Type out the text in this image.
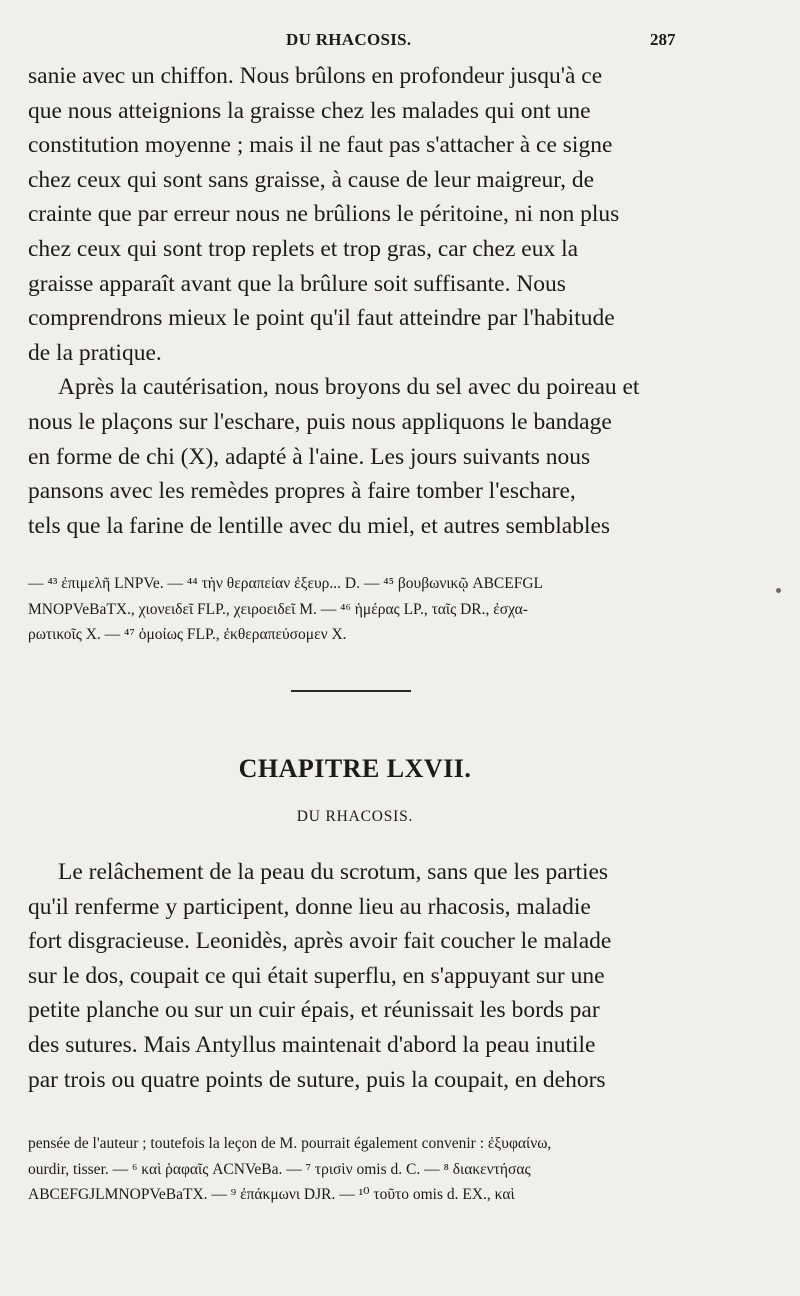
DU RHACOSIS.	287

sanie avec un chiffon. Nous brûlons en profondeur jusqu'à ce

que nous atteignions la graisse chez les malades qui ont une

constitution moyenne ; mais il ne faut pas s'attacher à ce signe

chez ceux qui sont sans graisse, à cause de leur maigreur, de

crainte que par erreur nous ne brûlions le péritoine, ni non plus

chez ceux qui sont trop replets et trop gras, car chez eux la

graisse apparaît avant que la brûlure soit suffisante. Nous

comprendrons mieux le point qu'il faut atteindre par l'habitude

de la pratique.

Après la cautérisation, nous broyons du sel avec du poireau et

nous le plaçons sur l'eschare, puis nous appliquons le bandage

en forme de chi (X), adapté à l'aine. Les jours suivants nous

pansons avec les remèdes propres à faire tomber l'eschare,

tels que la farine de lentille avec du miel, et autres semblables

— ⁴³ ἐπιμελῆ LNPVe. — ⁴⁴ τὴν θεραπείαν ἐξευρ... D. — ⁴⁵ βουβωνικῷ ABCEFGL

MNOPVeBaTX., χιονειδεῖ FLP., χειροειδεῖ M. — ⁴⁶ ἡμέρας LP., ταῖς DR., ἐσχα-

ρωτικοῖς X. — ⁴⁷ ὁμοίως FLP., ἐκθεραπεύσομεν X.

CHAPITRE LXVII.
DU RHACOSIS.

Le relâchement de la peau du scrotum, sans que les parties

qu'il renferme y participent, donne lieu au rhacosis, maladie

fort disgracieuse. Leonidès, après avoir fait coucher le malade

sur le dos, coupait ce qui était superflu, en s'appuyant sur une

petite planche ou sur un cuir épais, et réunissait les bords par

des sutures. Mais Antyllus maintenait d'abord la peau inutile

par trois ou quatre points de suture, puis la coupait, en dehors

pensée de l'auteur ; toutefois la leçon de M. pourrait également convenir : ἐξυφαίνω,

ourdir, tisser. — ⁶ καὶ ῥαφαῖς ACNVeBa. — ⁷ τρισὶν omis d. C. — ⁸ διακεντήσας

ABCEFGJLMNOPVeBaTX. — ⁹ ἐπάκμωνι DJR. — ¹⁰ τοῦτο omis d. EX., καὶ
